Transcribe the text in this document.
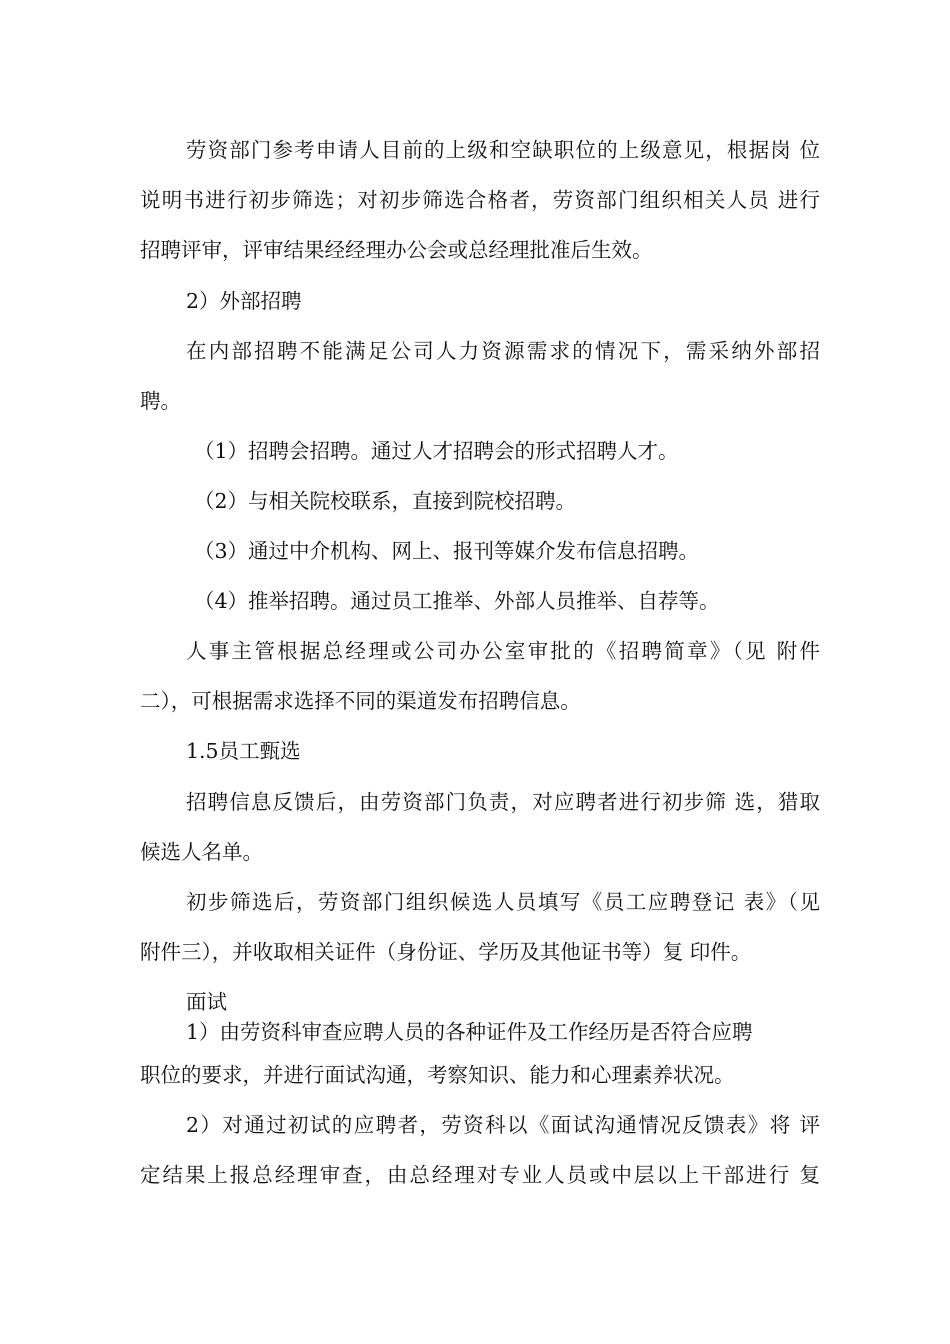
劳资部门参考申请人目前的上级和空缺职位的上级意见，根据岗 位
说明书进行初步筛选；对初步筛选合格者，劳资部门组织相关人员 进行
招聘评审，评审结果经经理办公会或总经理批准后生效。
2）外部招聘
在内部招聘不能满足公司人力资源需求的情况下，需采纳外部招
聘。
（1）招聘会招聘。通过人才招聘会的形式招聘人才。
（2）与相关院校联系，直接到院校招聘。
（3）通过中介机构、网上、报刊等媒介发布信息招聘。
（4）推举招聘。通过员工推举、外部人员推举、自荐等。
人事主管根据总经理或公司办公室审批的《招聘简章》（见 附件
二），可根据需求选择不同的渠道发布招聘信息。
1.5员工甄选
招聘信息反馈后，由劳资部门负责，对应聘者进行初步筛 选，猎取
候选人名单。
初步筛选后，劳资部门组织候选人员填写《员工应聘登记 表》（见
附件三），并收取相关证件（身份证、学历及其他证书等）复 印件。
面试
1）由劳资科审查应聘人员的各种证件及工作经历是否符合应聘
职位的要求，并进行面试沟通，考察知识、能力和心理素养状况。
2）对通过初试的应聘者，劳资科以《面试沟通情况反馈表》将 评
定结果上报总经理审查，由总经理对专业人员或中层以上干部进行 复
